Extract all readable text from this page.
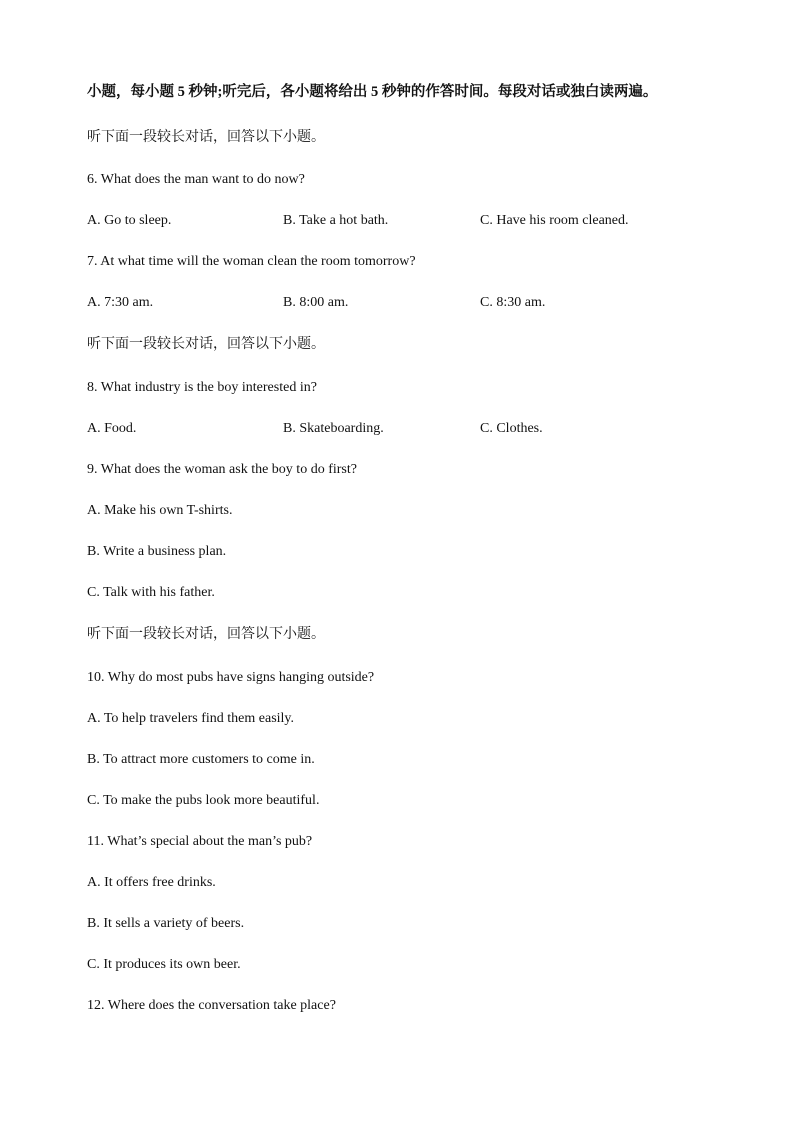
小题，每小题 5 秒钟;听完后，各小题将给出 5 秒钟的作答时间。每段对话或独白读两遍。
听下面一段较长对话，回答以下小题。
6. What does the man want to do now?
A. Go to sleep.	B. Take a hot bath.	C. Have his room cleaned.
7. At what time will the woman clean the room tomorrow?
A. 7:30 am.	B. 8:00 am.	C. 8:30 am.
听下面一段较长对话，回答以下小题。
8. What industry is the boy interested in?
A. Food.	B. Skateboarding.	C. Clothes.
9. What does the woman ask the boy to do first?
A. Make his own T-shirts.
B. Write a business plan.
C. Talk with his father.
听下面一段较长对话，回答以下小题。
10. Why do most pubs have signs hanging outside?
A. To help travelers find them easily.
B. To attract more customers to come in.
C. To make the pubs look more beautiful.
11. What’s special about the man’s pub?
A. It offers free drinks.
B. It sells a variety of beers.
C. It produces its own beer.
12. Where does the conversation take place?
